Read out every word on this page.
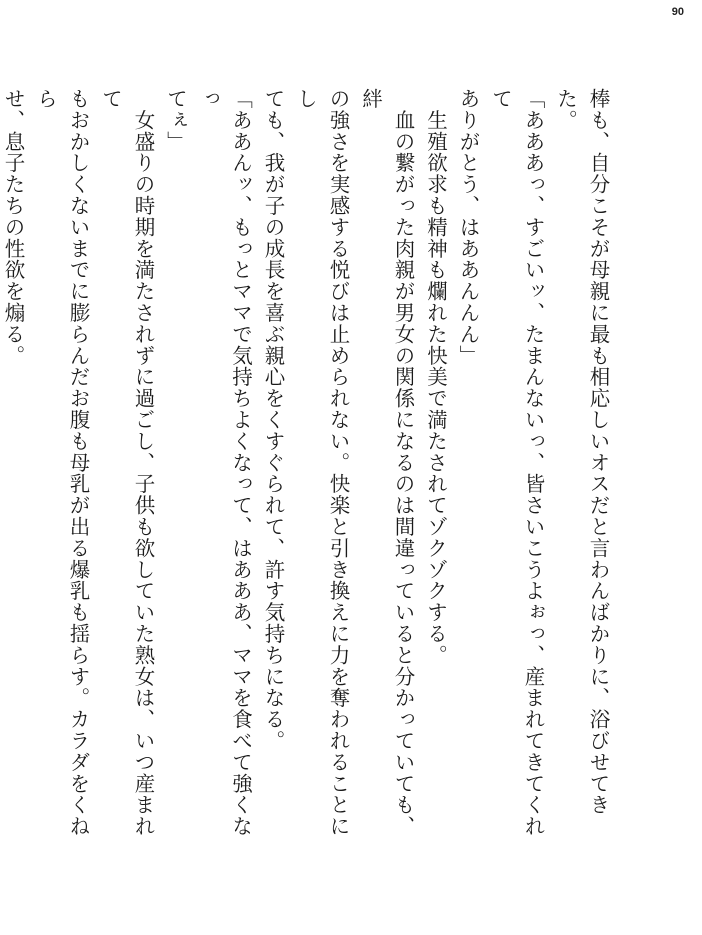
90

棒も、自分こそが母親に最も相応しいオスだと言わんばかりに、浴びせてきた。

「あああっ、すごいッ、たまんないっ、皆さいこうよぉっ、産まれてきてくれて

ありがとう、はああんんん」

　生殖欲求も精神も爛れた快美で満たされてゾクゾクする。

　血の繋がった肉親が男女の関係になるのは間違っていると分かっていても、絆

の強さを実感する悦びは止められない。快楽と引き換えに力を奪われることにし

ても、我が子の成長を喜ぶ親心をくすぐられて、許す気持ちになる。

「ああんッ、もっとママで気持ちよくなって、はあああ、ママを食べて強くなっ

てぇ」

　女盛りの時期を満たされずに過ごし、子供も欲していた熟女は、いつ産まれて

もおかしくないまでに膨らんだお腹も母乳が出る爆乳も揺らす。カラダをくねら

せ、息子たちの性欲を煽る。
